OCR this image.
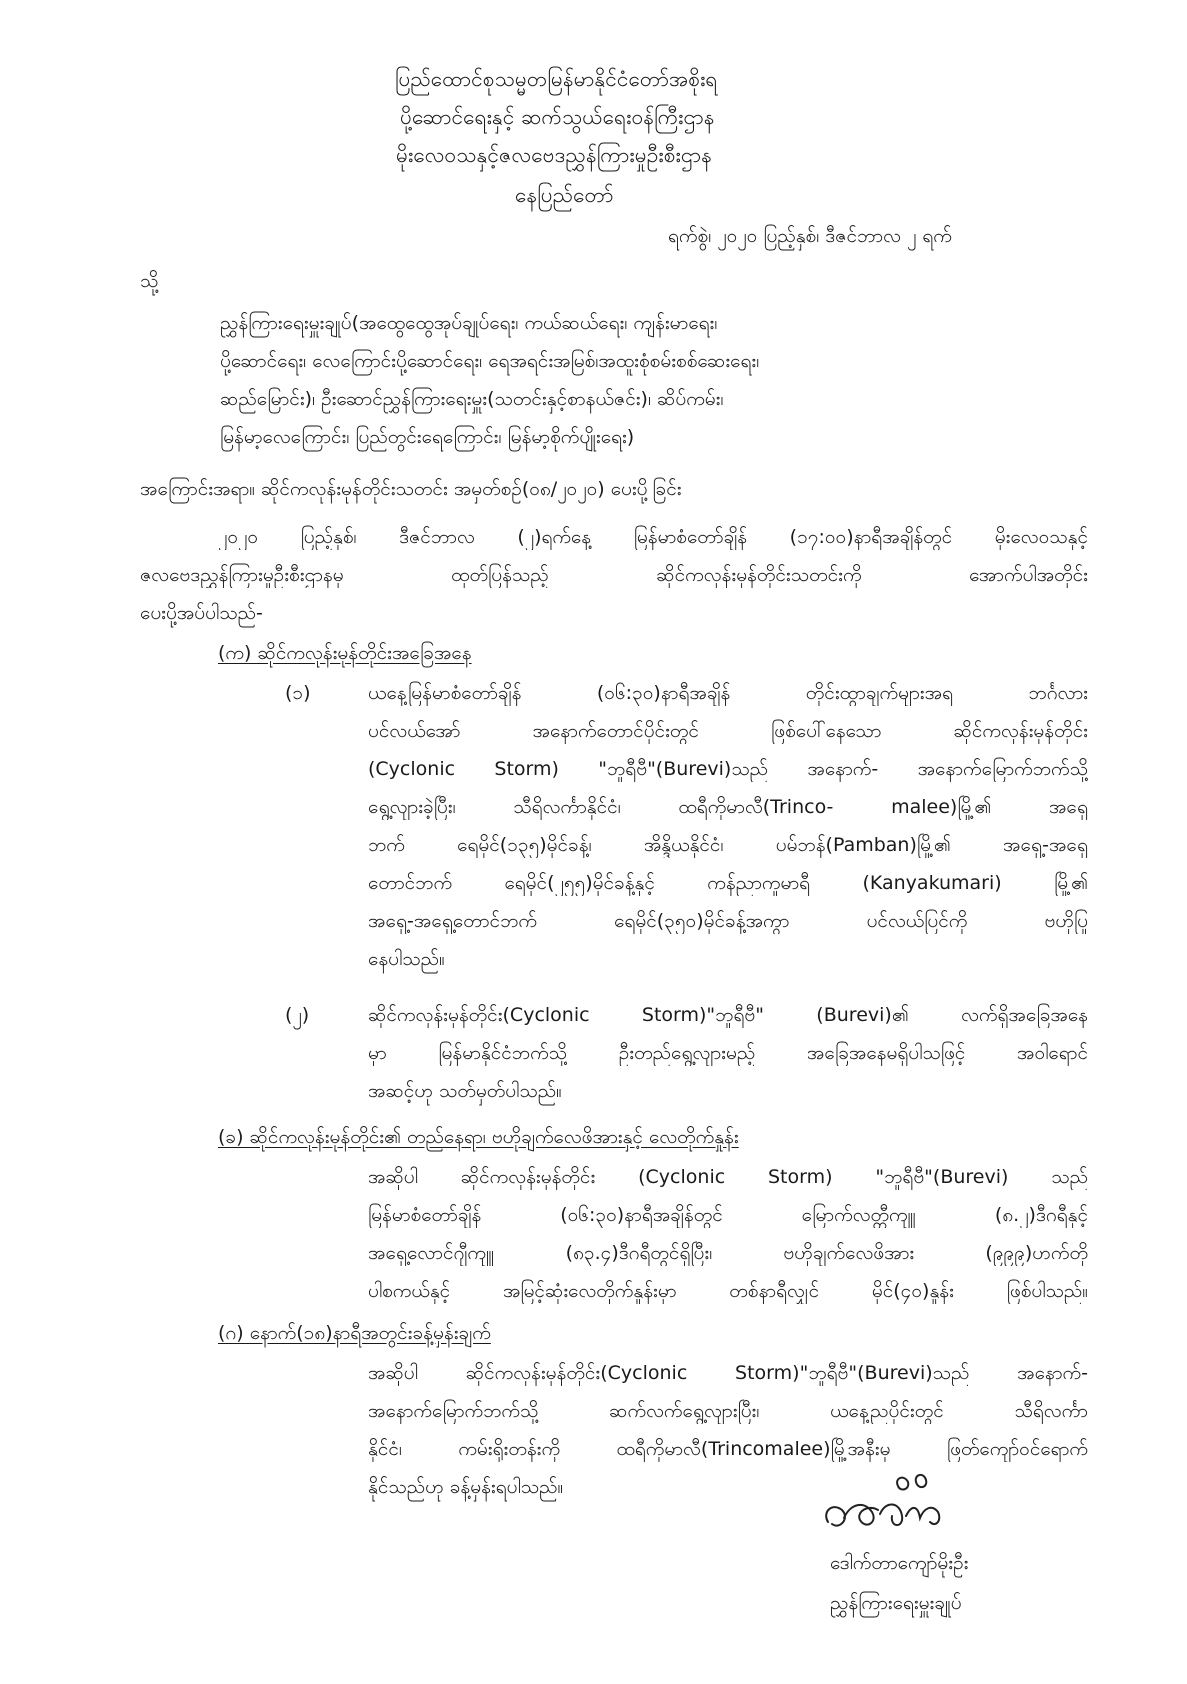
ပြည်ထောင်စုသမ္မတမြန်မာနိုင်ငံတော်အစိုးရ
ပို့ဆောင်ရေးနှင့် ဆက်သွယ်ရေးဝန်ကြီးဌာန
မိုးလေဝသနှင့်ဇလဗေဒညွှန်ကြားမှုဦးစီးဌာန
နေပြည်တော်
ရက်စွဲ၊ ၂၀၂၀ ပြည့်နှစ်၊ ဒီဇင်ဘာလ ၂ ရက်
သို့
ညွှန်ကြားရေးမှူးချုပ်(အထွေထွေအုပ်ချုပ်ရေး၊ ကယ်ဆယ်ရေး၊ ကျန်းမာရေး၊
ပို့ဆောင်ရေး၊ လေကြောင်းပို့ဆောင်ရေး၊ ရေအရင်းအမြစ်၊အထူးစုံစမ်းစစ်ဆေးရေး၊
ဆည်မြောင်း)၊ ဦးဆောင်ညွှန်ကြားရေးမှူး(သတင်းနှင့်စာနယ်ဇင်း)၊ ဆိပ်ကမ်း၊
မြန်မာ့လေကြောင်း၊ ပြည်တွင်းရေကြောင်း၊ မြန်မာ့စိုက်ပျိုးရေး)
အကြောင်းအရာ။ ဆိုင်ကလုန်းမုန်တိုင်းသတင်း အမှတ်စဉ်(၀၈/၂၀၂၀) ပေးပို့ခြင်း
၂၀၂၀ ပြည့်နှစ်၊ ဒီဇင်ဘာလ (၂)ရက်နေ့ မြန်မာစံတော်ချိန် (၁၇:၀၀)နာရီအချိန်တွင် မိုးလေဝသနှင့်
ဇလဗေဒညွှန်ကြားမှုဦးစီးဌာနမှ ထုတ်ပြန်သည့် ဆိုင်ကလုန်းမုန်တိုင်းသတင်းကို အောက်ပါအတိုင်း
ပေးပို့အပ်ပါသည်-
(က) ဆိုင်ကလုန်းမုန်တိုင်းအခြေအနေ
(၁)	ယနေ့မြန်မာစံတော်ချိန် (၀၆:၃၀)နာရီအချိန် တိုင်းထွာချက်များအရ ဘင်္ဂလား
ပင်လယ်အော် အနောက်တောင်ပိုင်းတွင် ဖြစ်ပေါ်နေသော ဆိုင်ကလုန်းမုန်တိုင်း
(Cyclonic Storm) "ဘူရီဗီ"(Burevi)သည် အနောက်- အနောက်မြောက်ဘက်သို့
ရွေ့လျားခဲ့ပြီး၊ သီရိလင်္ကာနိုင်ငံ၊ ထရီကိုမာလီ(Trinco- malee)မြို့၏ အရှေ့
ဘက် ရေမိုင်(၁၃၅)မိုင်ခန့်၊ အိန္ဒိယနိုင်ငံ၊ ပမ်ဘန်(Pamban)မြို့၏ အရှေ့-အရှေ့
တောင်ဘက် ရေမိုင်(၂၅၅)မိုင်ခန့်နှင့် ကန်ညာကူမာရီ (Kanyakumari) မြို့၏
အရှေ့-အရှေ့တောင်ဘက် ရေမိုင်(၃၅၀)မိုင်ခန့်အကွာ ပင်လယ်ပြင်ကို ဗဟိုပြု
နေပါသည်။
(၂)	ဆိုင်ကလုန်းမုန်တိုင်း(Cyclonic Storm)"ဘူရီဗီ" (Burevi)၏ လက်ရှိအခြေအနေ
မှာ မြန်မာနိုင်ငံဘက်သို့ ဦးတည်ရွေ့လျားမည့် အခြေအနေမရှိပါသဖြင့် အဝါရောင်
အဆင့်ဟု သတ်မှတ်ပါသည်။
(ခ) ဆိုင်ကလုန်းမုန်တိုင်း၏ တည်နေရာ၊ ဗဟိုချက်လေဖိအားနှင့် လေတိုက်နှုန်း
အဆိုပါ ဆိုင်ကလုန်းမုန်တိုင်း (Cyclonic Storm) "ဘူရီဗီ"(Burevi) သည်
မြန်မာစံတော်ချိန် (၀၆:၃၀)နာရီအချိန်တွင် မြောက်လတ္တီကျူ (၈.၂)ဒီဂရီနှင့်
အရှေ့လောင်ဂျီကျူ (၈၃.၄)ဒီဂရီတွင်ရှိပြီး၊ ဗဟိုချက်လေဖိအား (၉၉၉)ဟက်တို
ပါစကယ်နှင့် အမြင့်ဆုံးလေတိုက်နှုန်းမှာ တစ်နာရီလျှင် မိုင်(၄၀)နှုန်း ဖြစ်ပါသည်။
(ဂ) နောက်(၁၈)နာရီအတွင်းခန့်မှန်းချက်
အဆိုပါ ဆိုင်ကလုန်းမုန်တိုင်း(Cyclonic Storm)"ဘူရီဗီ"(Burevi)သည် အနောက်-
အနောက်မြောက်ဘက်သို့ ဆက်လက်ရွေ့လျားပြီး၊ ယနေ့ညပိုင်းတွင် သီရိလင်္ကာ
နိုင်ငံ၊ ကမ်းရိုးတန်းကို ထရီကိုမာလီ(Trincomalee)မြို့အနီးမှ ဖြတ်ကျော်ဝင်ရောက်
နိုင်သည်ဟု ခန့်မှန်းရပါသည်။
ဒေါက်တာကျော်မိုးဦး
ညွှန်ကြားရေးမှူးချုပ်
